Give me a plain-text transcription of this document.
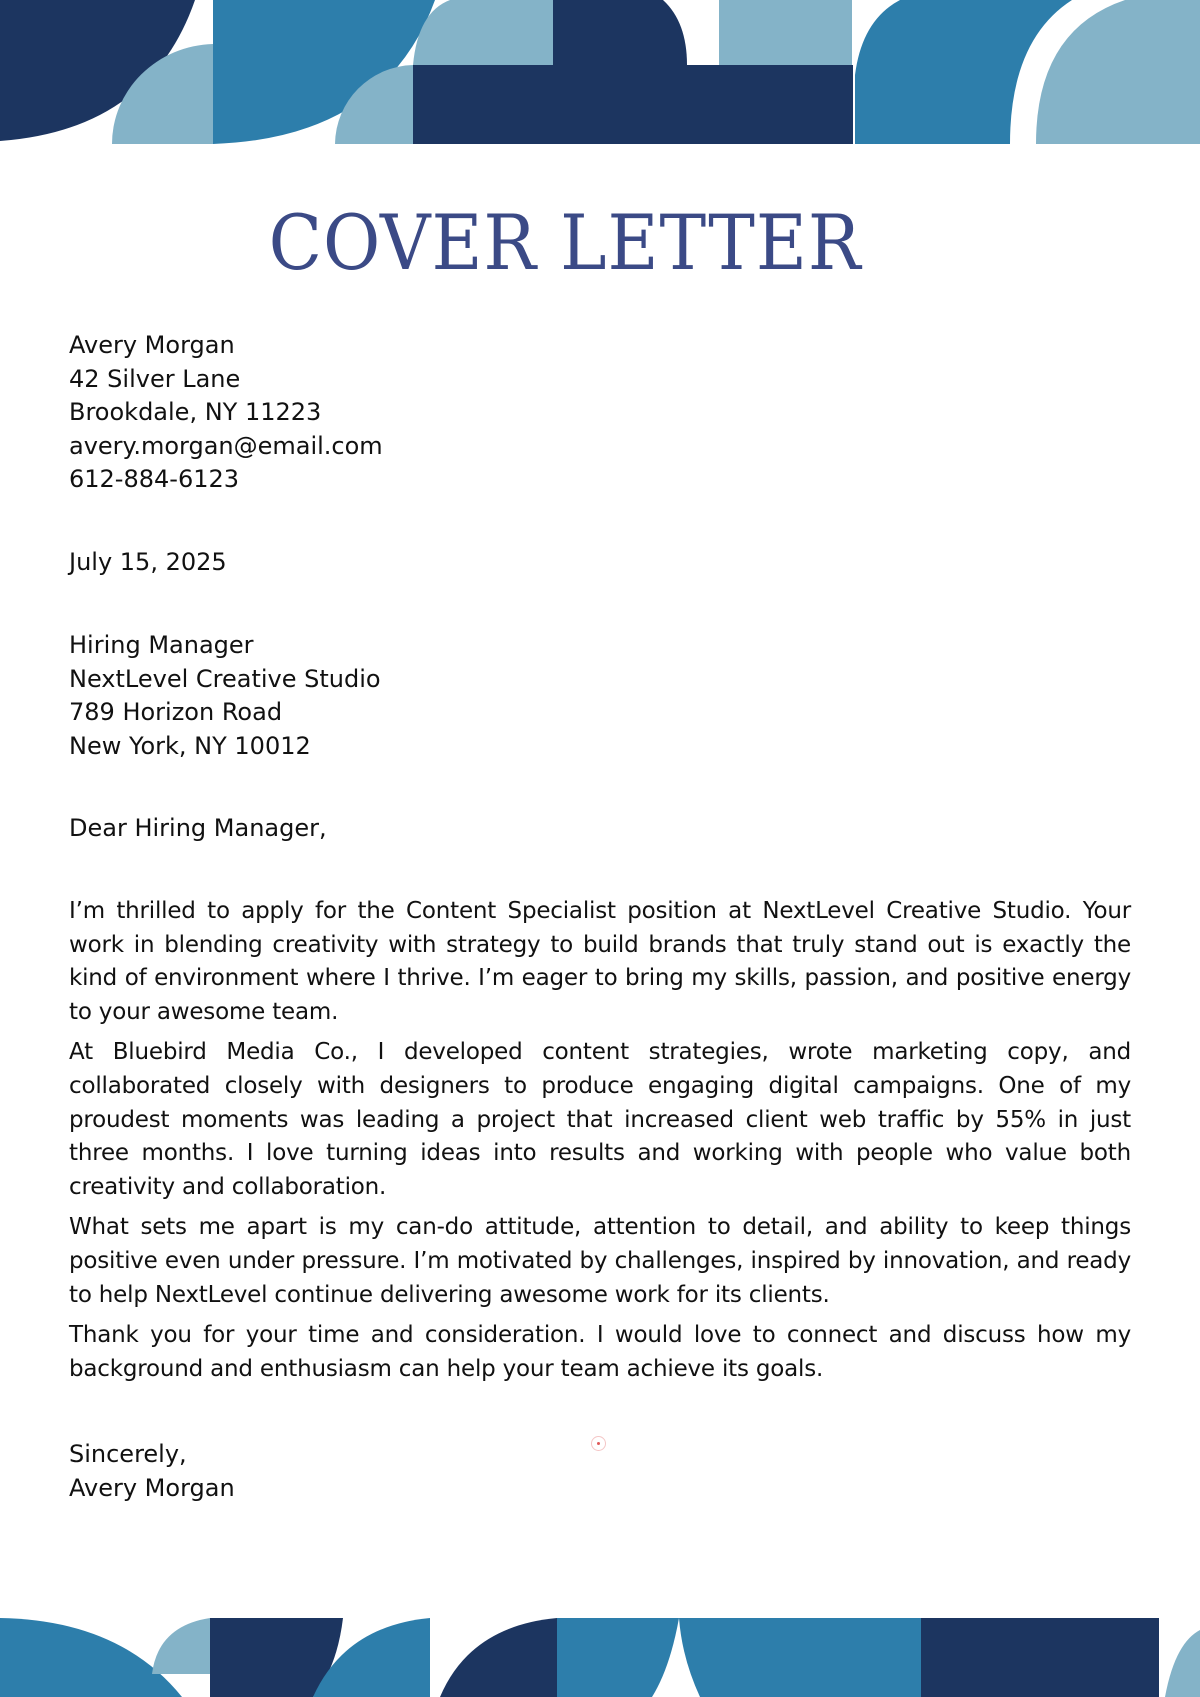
COVER LETTER
Avery Morgan
42 Silver Lane
Brookdale, NY 11223
avery.morgan@email.com
612-884-6123
July 15, 2025
Hiring Manager
NextLevel Creative Studio
789 Horizon Road
New York, NY 10012
Dear Hiring Manager,

I’m thrilled to apply for the Content Specialist position at NextLevel Creative Studio. Your work in blending creativity with strategy to build brands that truly stand out is exactly the kind of environment where I thrive. I’m eager to bring my skills, passion, and positive energy to your awesome team.

At Bluebird Media Co., I developed content strategies, wrote marketing copy, and collaborated closely with designers to produce engaging digital campaigns. One of my proudest moments was leading a project that increased client web traffic by 55% in just three months. I love turning ideas into results and working with people who value both creativity and collaboration.

What sets me apart is my can-do attitude, attention to detail, and ability to keep things positive even under pressure. I’m motivated by challenges, inspired by innovation, and ready to help NextLevel continue delivering awesome work for its clients.

Thank you for your time and consideration. I would love to connect and discuss how my background and enthusiasm can help your team achieve its goals.

Sincerely,
Avery Morgan
